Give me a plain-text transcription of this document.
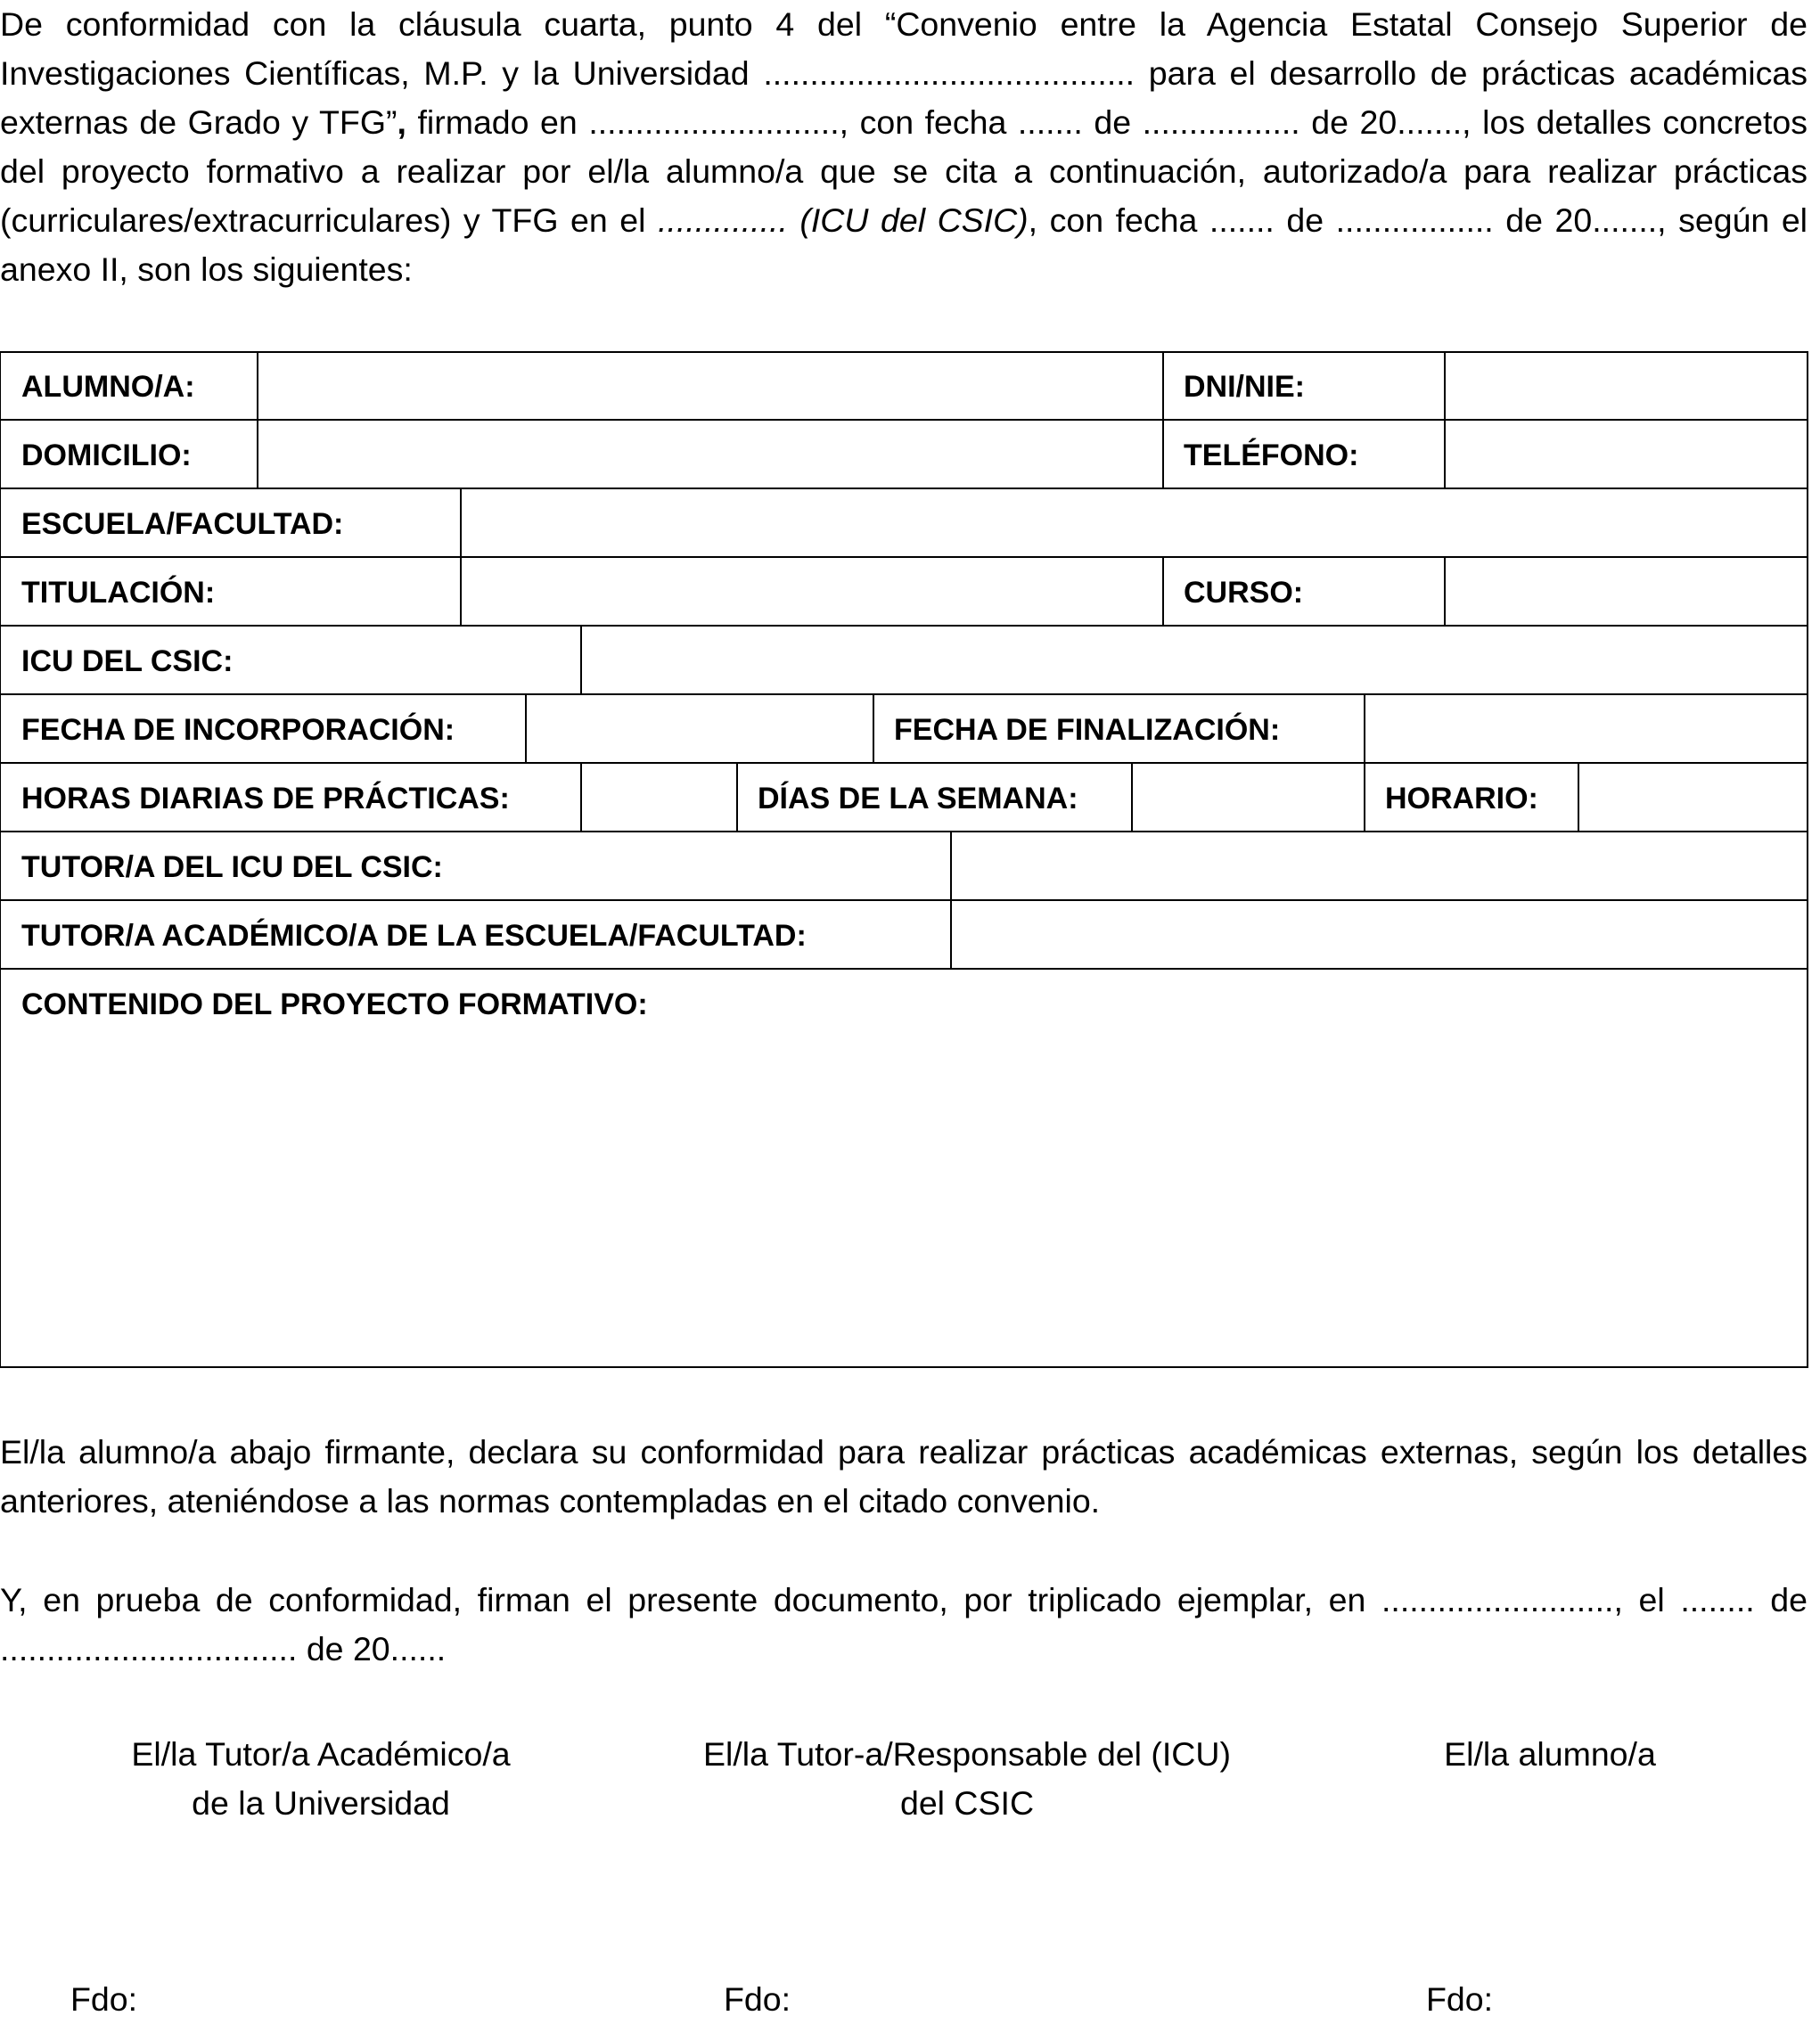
De conformidad con la cláusula cuarta, punto 4 del “Convenio entre la Agencia Estatal Consejo Superior de Investigaciones Científicas, M.P. y la Universidad ........................................ para el desarrollo de prácticas académicas externas de Grado y TFG”, firmado en ..........................., con fecha ....... de ................. de 20......., los detalles concretos del proyecto formativo a realizar por el/la alumno/a que se cita a continuación, autorizado/a para realizar prácticas (curriculares/extracurriculares) y TFG en el .............. (ICU del CSIC), con fecha ....... de ................. de 20......., según el anexo II, son los siguientes:

ALUMNO/A:	DNI/NIE:
DOMICILIO:	TELÉFONO:
ESCUELA/FACULTAD:
TITULACIÓN:	CURSO:
ICU DEL CSIC:
FECHA DE INCORPORACIÓN:	FECHA DE FINALIZACIÓN:
HORAS DIARIAS DE PRÁCTICAS:	DÍAS DE LA SEMANA:	HORARIO:
TUTOR/A DEL ICU DEL CSIC:
TUTOR/A ACADÉMICO/A DE LA ESCUELA/FACULTAD:
CONTENIDO DEL PROYECTO FORMATIVO:

El/la alumno/a abajo firmante, declara su conformidad para realizar prácticas académicas externas, según los detalles anteriores, ateniéndose a las normas contempladas en el citado convenio.

Y, en prueba de conformidad, firman el presente documento, por triplicado ejemplar, en ........................., el ........ de ................................ de 20......

El/la Tutor/a Académico/a
de la Universidad
El/la Tutor-a/Responsable del (ICU)
del CSIC
El/la alumno/a
Fdo:	Fdo:	Fdo:
